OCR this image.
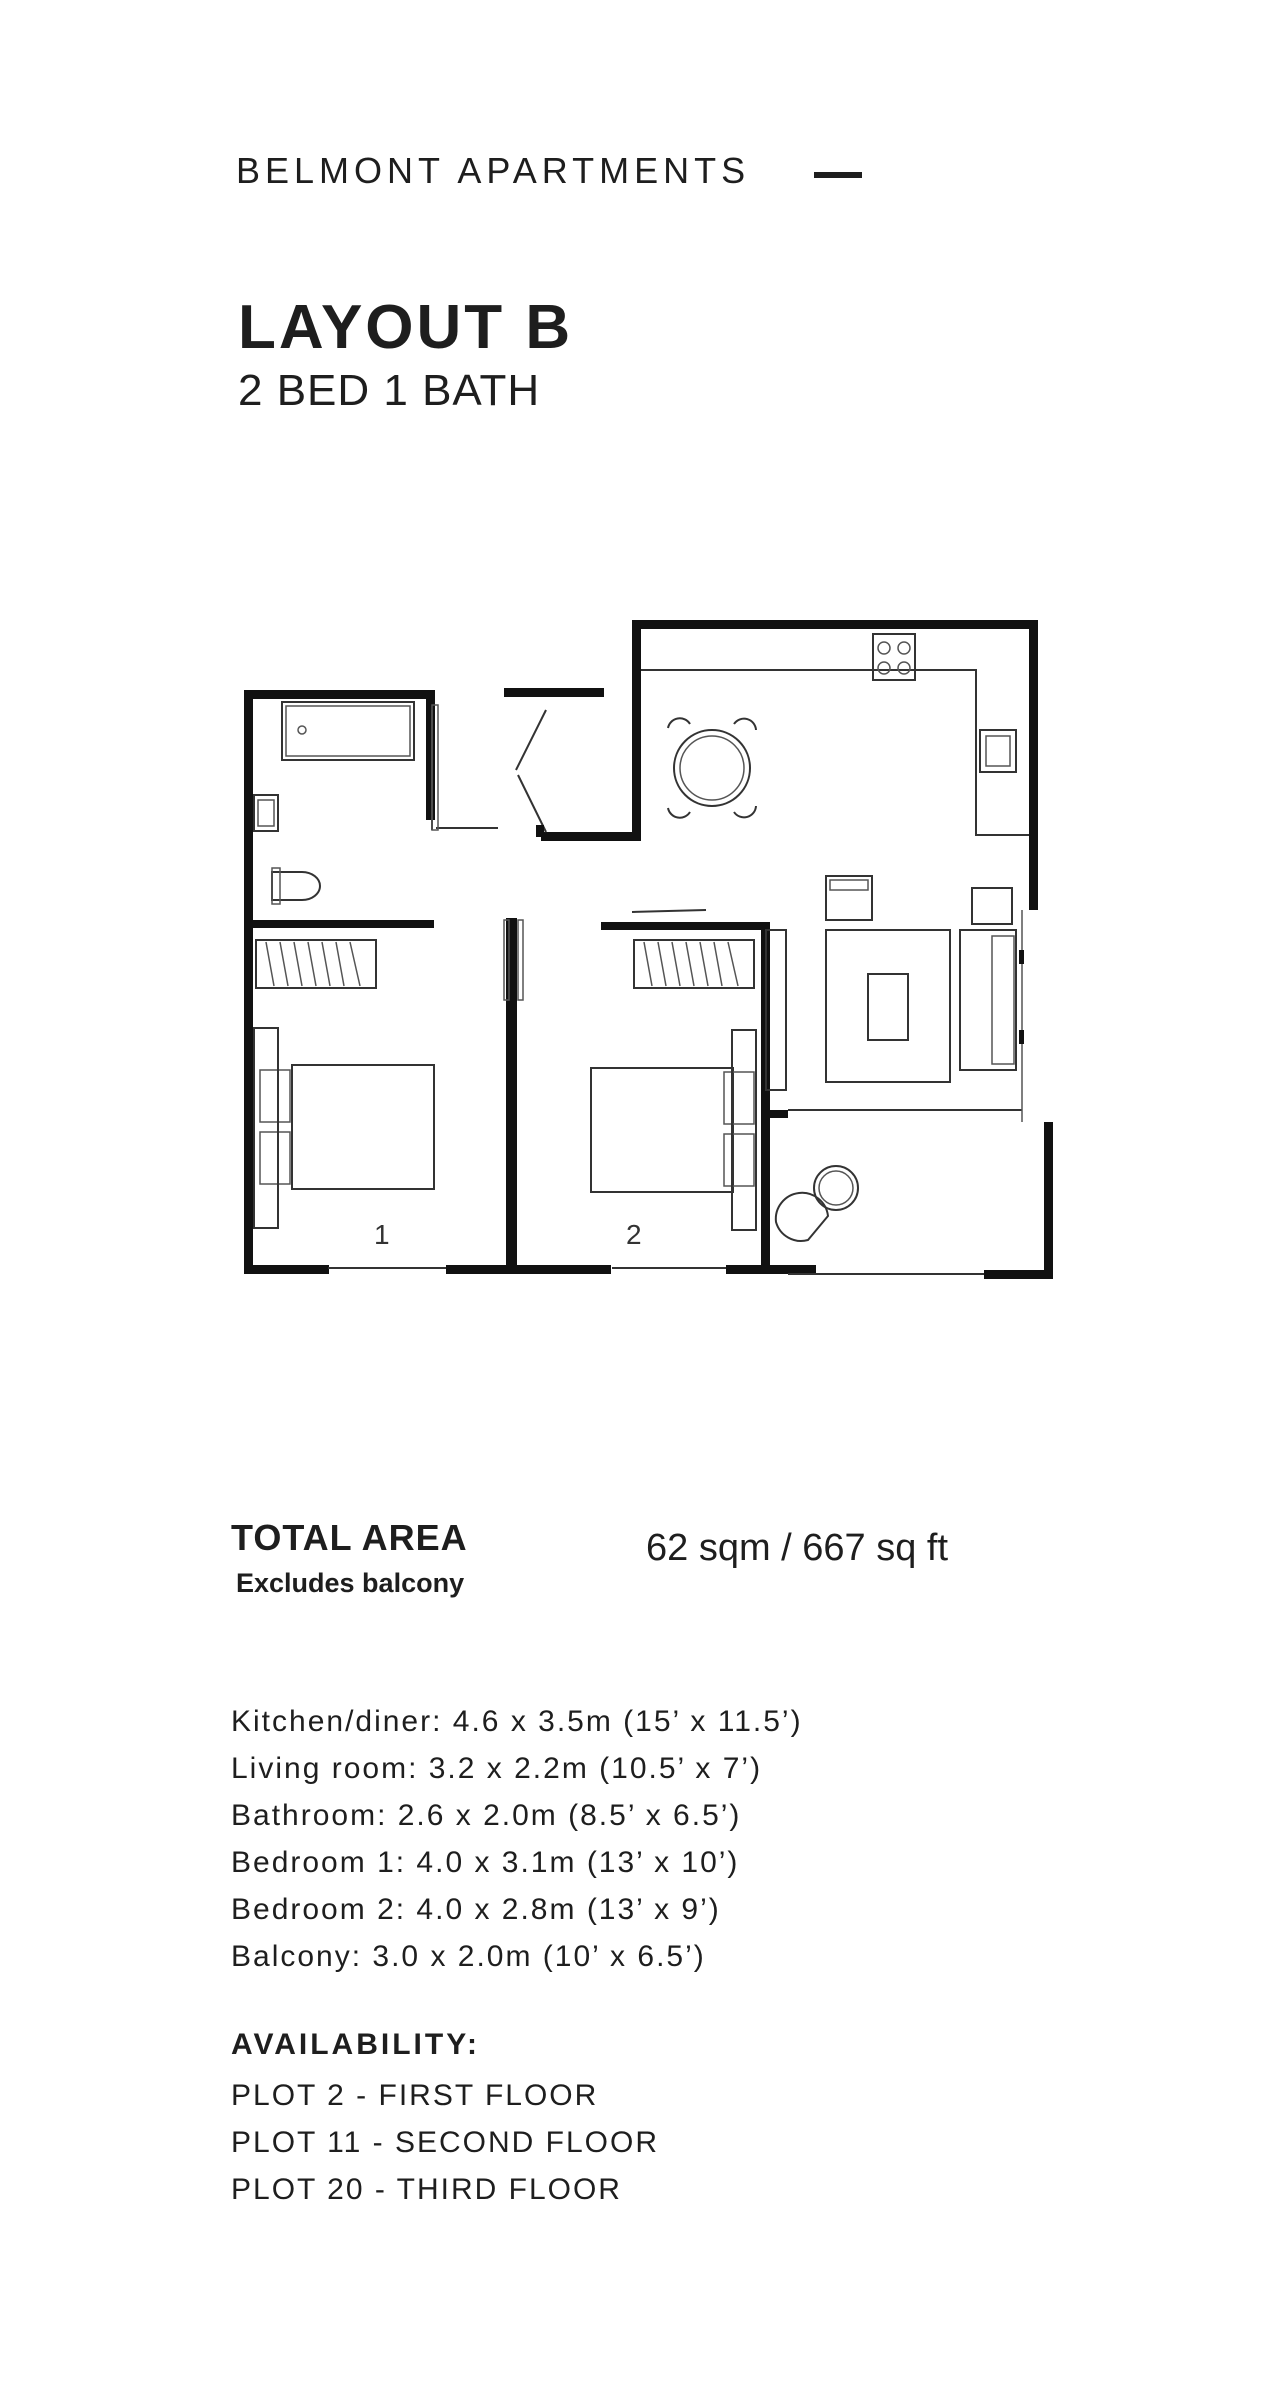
BELMONT APARTMENTS
LAYOUT B
2 BED 1 BATH
1	2
TOTAL AREA
Excludes balcony
62 sqm / 667 sq ft
Kitchen/diner: 4.6 x 3.5m (15’ x 11.5’)
Living room: 3.2 x 2.2m (10.5’ x 7’)
Bathroom: 2.6 x 2.0m (8.5’ x 6.5’)
Bedroom 1: 4.0 x 3.1m (13’ x 10’)
Bedroom 2: 4.0 x 2.8m (13’ x 9’)
Balcony: 3.0 x 2.0m (10’ x 6.5’)
AVAILABILITY:
PLOT 2 - FIRST FLOOR
PLOT 11 - SECOND FLOOR
PLOT 20 - THIRD FLOOR
